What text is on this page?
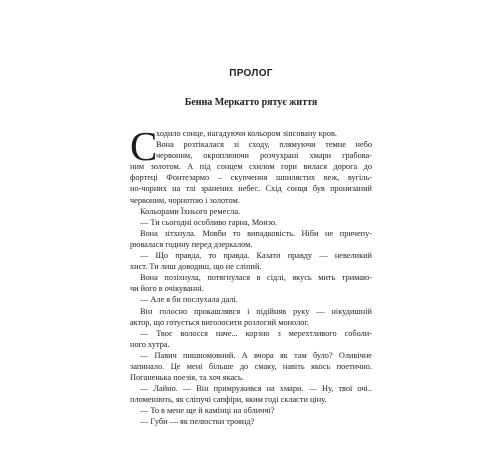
ПРОЛОГ
Бенна Меркатто рятує життя
С
ходило сонце, нагадуючи кольором зіпсовану кров.
Вона розтікалася зі сходу, плямуючи темне небо
червоним, окроплюючи розчухрані хмари грабова-
ним золотом. А під сонцем схилом гори вилася дорога до
фортеці Фонтезармо – скупчення шпилястих веж, вугіль-
но-чорних на тлі зранених небес. Схід сонця був пронизаний
червоним, чорнотою і золотом.
Кольорами Їхнього ремесла.
— Ти сьогодні особливо гарна, Монзо.
Вона зітхнула. Мовби то випадковість. Ніби не причепу-
рювалася годину перед дзеркалом.
— Що правда, то правда. Казати правду — невеликий
хист. Ти лиш доводиш, що не сліпий.
Вона позіхнула, потягнулася в сідлі, якусь мить тримаю-
чи його в очікуванні.
— Але я би послухала далі.
Він голосно прокашлявся і підійняв руку — нікудишній
актор, що готується виголосити розлогий монолог.
— Твоє волосся наче... корзно з мерехтливого соболи-
ного хутра.
— Павич пишномовний. А вчора як там було? Оливічне
запинало. Це мені більше до смаку, навіть якось поетично.
Поганенька поезія, та хоч якась.
— Лайно. — Він примружився на хмари. — Ну, твої очі..
пломеніють, як сліпучі сапфіри, яким годі скласти ціну.
— То в мене ще й камінці на обличчі?
— Губи — як пелюстки троянд?
